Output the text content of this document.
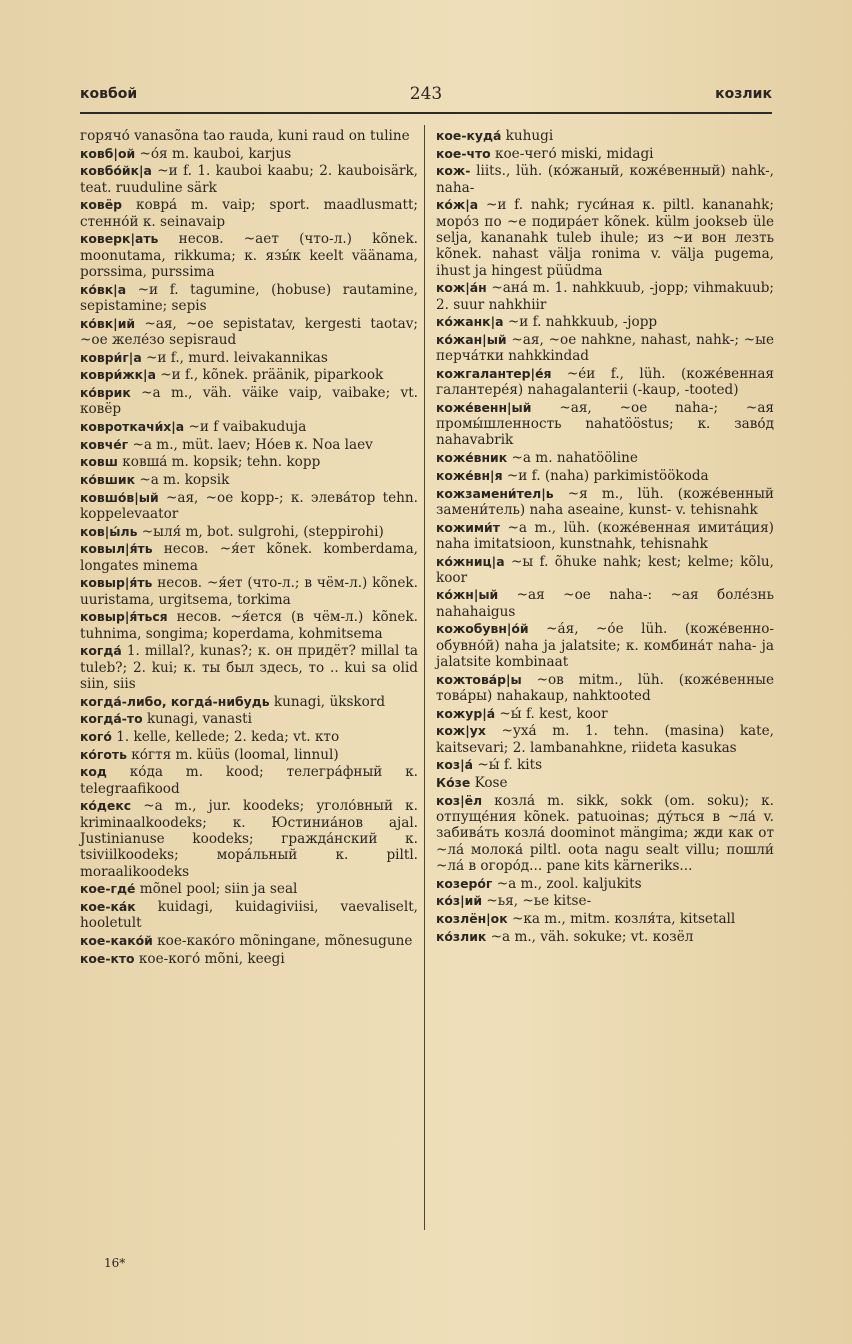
ковбой	243	козлик
горячо́ vanasõna tao rauda, kuni raud on tuline
ковб|ой ~о́я m. kauboi, karjus
ковбо́йк|а ~и f. 1. kauboi kaabu; 2. kauboisärk, teat. ruuduline särk
ковёр ковра́ m. vaip; sport. maadlusmatt; стенно́й к. seinavaip
коверк|ать несов. ~ает (что-л.) kõnek. moonutama, rikkuma; к. язы́к keelt väänama, porssima, purssima
ко́вк|а ~и f. tagumine, (hobuse) rautamine, sepistamine; sepis
ко́вк|ий ~ая, ~ое sepistatav, kergesti taotav; ~ое желе́зо sepisraud
коври́г|а ~и f., murd. leivakannikas
коври́жк|а ~и f., kõnek. präänik, piparkook
ко́врик ~а m., väh. väike vaip, vaibake; vt. ковёр
ковроткачи́х|а ~и f vaibakuduja
ковче́г ~а m., müt. laev; Но́ев к. Noa laev
ковш ковша́ m. kopsik; tehn. kopp
ко́вшик ~а m. kopsik
ковшо́в|ый ~ая, ~ое kopp-; к. элева́тор tehn. koppelevaator
ков|ы́ль ~ыля́ m, bot. sulgrohi, (steppirohi)
ковыл|я́ть несов. ~я́ет kõnek. komberdama, longates minema
ковыр|я́ть несов. ~я́ет (что-л.; в чём-л.) kõnek. uuristama, urgitsema, torkima
ковыр|я́ться несов. ~я́ется (в чём-л.) kõnek. tuhnima, songima; koperdama, kohmitsema
когда́ 1. millal?, kunas?; к. он придёт? millal ta tuleb?; 2. kui; к. ты был здесь, то .. kui sa olid siin, siis
когда́-либо, когда́-нибудь kunagi, ükskord
когда́-то kunagi, vanasti
кого́ 1. kelle, kellede; 2. keda; vt. кто
ко́готь ко́гтя m. küüs (loomal, linnul)
код ко́да m. kood; телегра́фный к. telegraafikood
ко́декс ~а m., jur. koodeks; уголо́вный к. kriminaalkoodeks; к. Юстиниа́нов ajal. Justinianuse koodeks; гражда́нский к. tsiviilkoodeks; мора́льный к. piltl. moraalikoodeks
кое-где́ mõnel pool; siin ja seal
кое-ка́к kuidagi, kuidagiviisi, vaevaliselt, hooletult
кое-како́й кое-како́го mõningane, mõnesugune
кое-кто кое-кого́ mõni, keegi
кое-куда́ kuhugi
кое-что кое-чего́ miski, midagi
кож- liits., lüh. (ко́жаный, коже́венный) nahk-, naha-
ко́ж|а ~и f. nahk; гуси́ная к. piltl. kananahk; моро́з по ~е подира́ет kõnek. külm jookseb üle selja, kananahk tuleb ihule; из ~и вон лезть kõnek. nahast välja ronima v. välja pugema, ihust ja hingest püüdma
кож|а́н ~ана́ m. 1. nahkkuub, -jopp; vihmakuub; 2. suur nahkhiir
ко́жанк|а ~и f. nahkkuub, -jopp
ко́жан|ый ~ая, ~ое nahkne, nahast, nahk-; ~ые перча́тки nahkkindad
кожгалантер|е́я ~е́и f., lüh. (коже́венная галантере́я) nahagalanterii (-kaup, -tooted)
коже́венн|ый ~ая, ~ое naha-; ~ая промы́шленность nahatööstus; к. заво́д nahavabrik
коже́вник ~а m. nahatööline
коже́вн|я ~и f. (naha) parkimistöökoda
кожзамени́тел|ь ~я m., lüh. (коже́венный замени́тель) naha aseaine, kunst- v. tehisnahk
кожими́т ~а m., lüh. (коже́венная имита́ция) naha imitatsioon, kunstnahk, tehisnahk
ко́жниц|а ~ы f. õhuke nahk; kest; kelme; kõlu, koor
ко́жн|ый ~ая ~ое naha-: ~ая боле́знь nahahaigus
кожобувн|о́й ~а́я, ~о́е lüh. (коже́венно-обувно́й) naha ja jalatsite; к. комбина́т naha- ja jalatsite kombinaat
кожтова́р|ы ~ов mitm., lüh. (коже́венные това́ры) nahakaup, nahktooted
кожур|а́ ~ы́ f. kest, koor
кож|ух ~уха́ m. 1. tehn. (masina) kate, kaitsevari; 2. lambanahkne, riideta kasukas
коз|а́ ~ы́ f. kits
Ко́зе Kose
коз|ёл козла́ m. sikk, sokk (om. soku); к. отпуще́ния kõnek. patuoinas; ду́ться в ~ла́ v. забива́ть козла́ doominot mängima; жди как от ~ла́ молока́ piltl. oota nagu sealt villu; пошли́ ~ла́ в огоро́д... pane kits kärneriks...
козеро́г ~а m., zool. kaljukits
ко́з|ий ~ья, ~ье kitse-
козлён|ок ~ка m., mitm. козля́та, kitsetall
ко́злик ~а m., väh. sokuke; vt. козёл
16*
